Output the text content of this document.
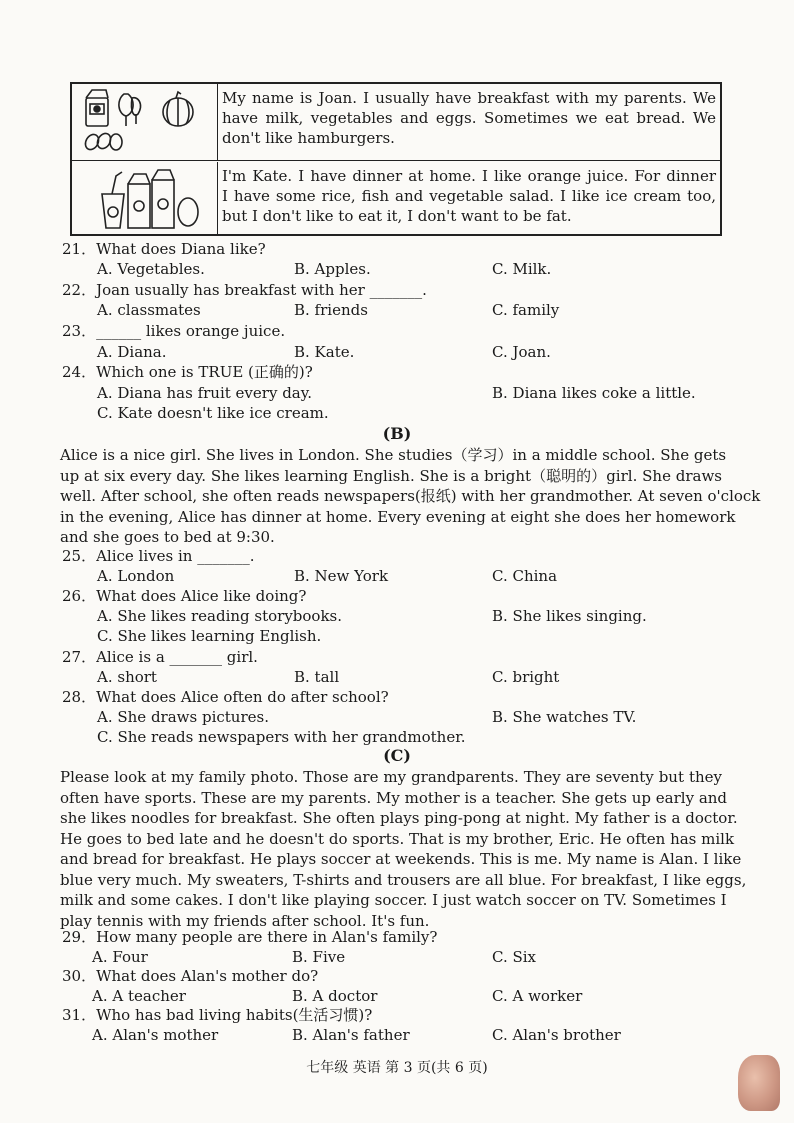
My name is Joan. I usually have breakfast with my parents. We
have milk, vegetables and eggs. Sometimes we eat bread. We
don't like hamburgers.
I'm Kate. I have dinner at home. I like orange juice. For dinner
I have some rice, fish and vegetable salad. I like ice cream too,
but I don't like to eat it, I don't want to be fat.
21．What does Diana like?
A. Vegetables.	B. Apples.	C. Milk.
22．Joan usually has breakfast with her _______.
A. classmates	B. friends	C. family
23．______ likes orange juice.
A. Diana.	B. Kate.	C. Joan.
24．Which one is TRUE (正确的)?
A. Diana has fruit every day.	B. Diana likes coke a little.
C. Kate doesn't like ice cream.
(B)
Alice is a nice girl. She lives in London. She studies（学习）in a middle school. She gets
up at six every day. She likes learning English. She is a bright（聪明的）girl. She draws
well. After school, she often reads newspapers(报纸) with her grandmother. At seven o'clock
in the evening, Alice has dinner at home. Every evening at eight she does her homework
and she goes to bed at 9:30.
25．Alice lives in _______.
A. London	B. New York	C. China
26．What does Alice like doing?
A. She likes reading storybooks.	B. She likes singing.
C. She likes learning English.
27．Alice is a _______ girl.
A. short	B. tall	C. bright
28．What does Alice often do after school?
A. She draws pictures.	B. She watches TV.
C. She reads newspapers with her grandmother.
(C)
Please look at my family photo. Those are my grandparents. They are seventy but they
often have sports. These are my parents. My mother is a teacher. She gets up early and
she likes noodles for breakfast. She often plays ping-pong at night. My father is a doctor.
He goes to bed late and he doesn't do sports. That is my brother, Eric. He often has milk
and bread for breakfast. He plays soccer at weekends. This is me. My name is Alan. I like
blue very much. My sweaters, T-shirts and trousers are all blue. For breakfast, I like eggs,
milk and some cakes. I don't like playing soccer. I just watch soccer on TV. Sometimes I
play tennis with my friends after school. It's fun.
29．How many people are there in Alan's family?
A. Four	B. Five	C. Six
30．What does Alan's mother do?
A. A teacher	B. A doctor	C. A worker
31．Who has bad living habits(生活习惯)?
A. Alan's mother	B. Alan's father	C. Alan's brother
七年级 英语 第 3 页(共 6 页)
